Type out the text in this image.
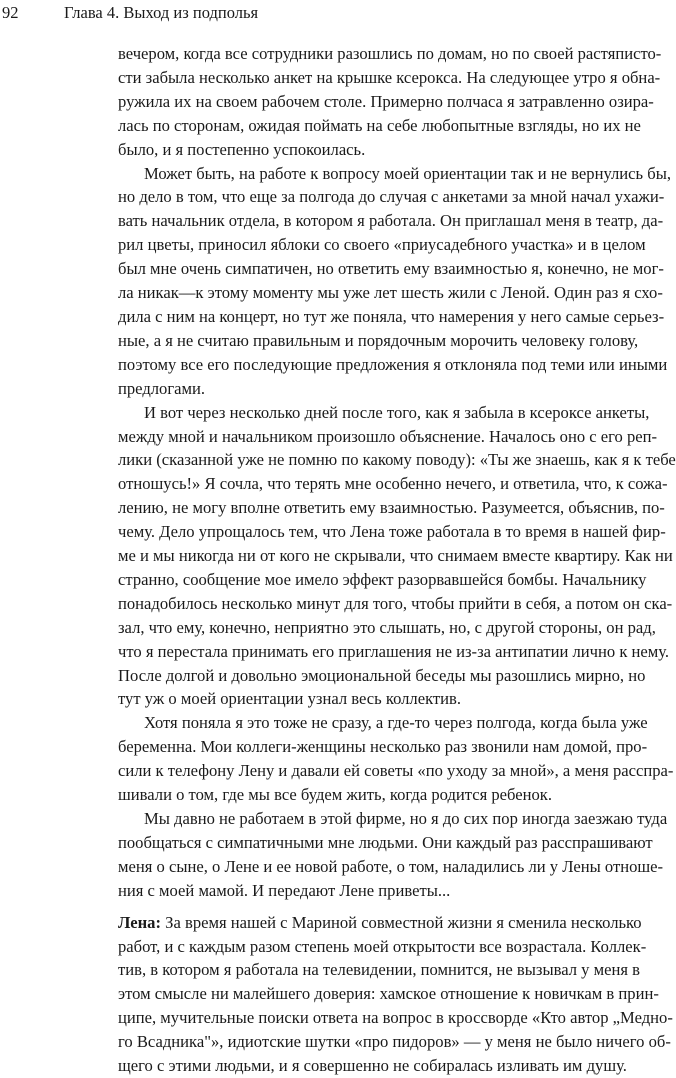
92	Глава 4. Выход из подполья
вечером, когда все сотрудники разошлись по домам, но по своей растяписто-
сти забыла несколько анкет на крышке ксерокса. На следующее утро я обна-
ружила их на своем рабочем столе. Примерно полчаса я затравленно озира-
лась по сторонам, ожидая поймать на себе любопытные взгляды, но их не
было, и я постепенно успокоилась.
Может быть, на работе к вопросу моей ориентации так и не вернулись бы,
но дело в том, что еще за полгода до случая с анкетами за мной начал ухажи-
вать начальник отдела, в котором я работала. Он приглашал меня в театр, да-
рил цветы, приносил яблоки со своего «приусадебного участка» и в целом
был мне очень симпатичен, но ответить ему взаимностью я, конечно, не мог-
ла никак—к этому моменту мы уже лет шесть жили с Леной. Один раз я схо-
дила с ним на концерт, но тут же поняла, что намерения у него самые серьез-
ные, а я не считаю правильным и порядочным морочить человеку голову,
поэтому все его последующие предложения я отклоняла под теми или иными
предлогами.
И вот через несколько дней после того, как я забыла в ксероксе анкеты,
между мной и начальником произошло объяснение. Началось оно с его реп-
лики (сказанной уже не помню по какому поводу): «Ты же знаешь, как я к тебе
отношусь!» Я сочла, что терять мне особенно нечего, и ответила, что, к сожа-
лению, не могу вполне ответить ему взаимностью. Разумеется, объяснив, по-
чему. Дело упрощалось тем, что Лена тоже работала в то время в нашей фир-
ме и мы никогда ни от кого не скрывали, что снимаем вместе квартиру. Как ни
странно, сообщение мое имело эффект разорвавшейся бомбы. Начальнику
понадобилось несколько минут для того, чтобы прийти в себя, а потом он ска-
зал, что ему, конечно, неприятно это слышать, но, с другой стороны, он рад,
что я перестала принимать его приглашения не из-за антипатии лично к нему.
После долгой и довольно эмоциональной беседы мы разошлись мирно, но
тут уж о моей ориентации узнал весь коллектив.
Хотя поняла я это тоже не сразу, а где-то через полгода, когда была уже
беременна. Мои коллеги-женщины несколько раз звонили нам домой, про-
сили к телефону Лену и давали ей советы «по уходу за мной», а меня расспра-
шивали о том, где мы все будем жить, когда родится ребенок.
Мы давно не работаем в этой фирме, но я до сих пор иногда заезжаю туда
пообщаться с симпатичными мне людьми. Они каждый раз расспрашивают
меня о сыне, о Лене и ее новой работе, о том, наладились ли у Лены отноше-
ния с моей мамой. И передают Лене приветы...
Лена: За время нашей с Мариной совместной жизни я сменила несколько
работ, и с каждым разом степень моей открытости все возрастала. Коллек-
тив, в котором я работала на телевидении, помнится, не вызывал у меня в
этом смысле ни малейшего доверия: хамское отношение к новичкам в прин-
ципе, мучительные поиски ответа на вопрос в кроссворде «Кто автор „Медно-
го Всадника"», идиотские шутки «про пидоров» — у меня не было ничего об-
щего с этими людьми, и я совершенно не собиралась изливать им душу.
